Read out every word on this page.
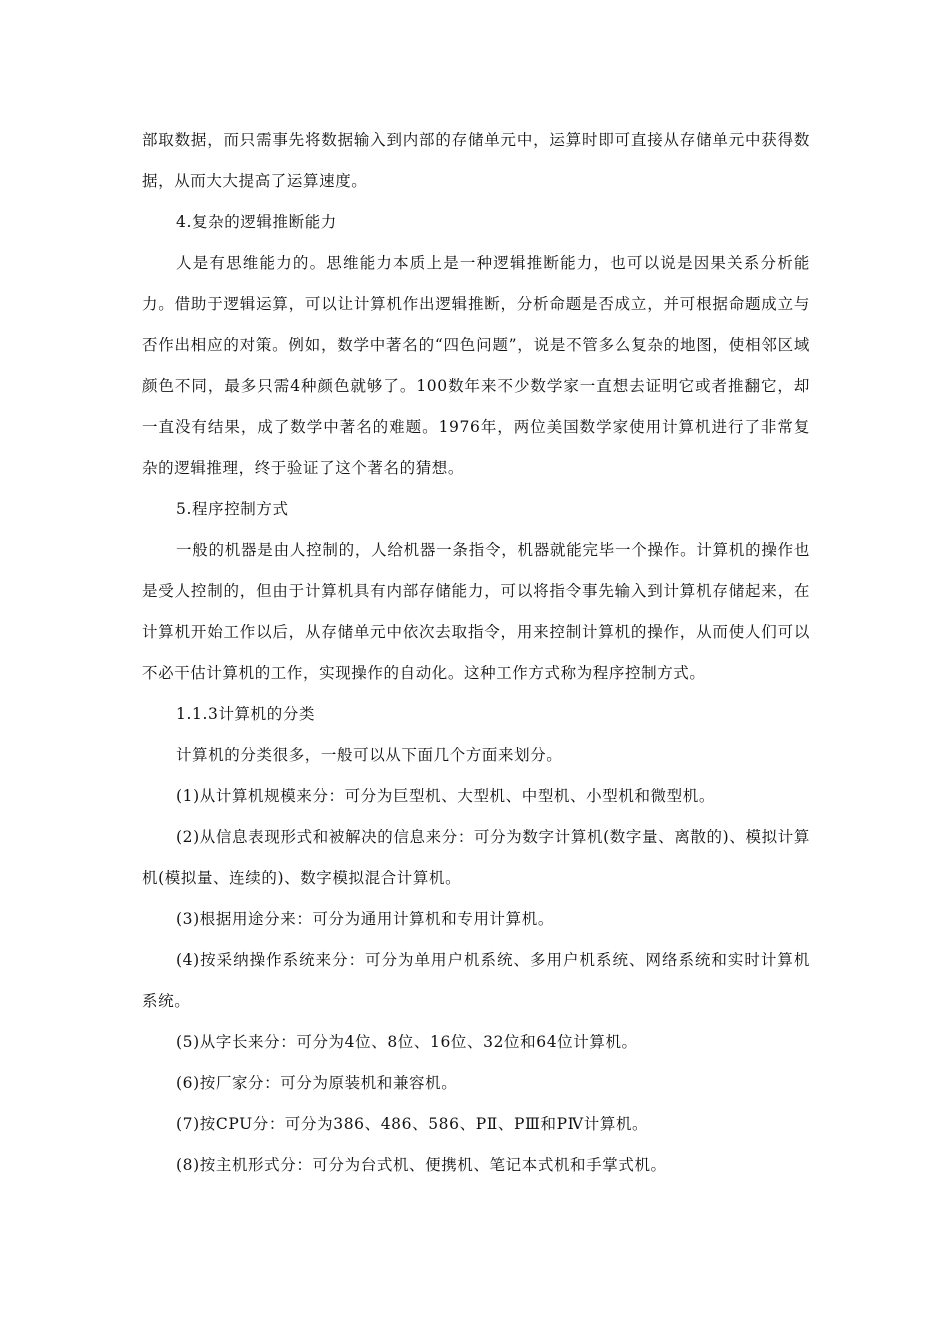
部取数据，而只需事先将数据输入到内部的存储单元中，运算时即可直接从存储单元中获得数据，从而大大提高了运算速度。

4.复杂的逻辑推断能力

人是有思维能力的。思维能力本质上是一种逻辑推断能力，也可以说是因果关系分析能力。借助于逻辑运算，可以让计算机作出逻辑推断，分析命题是否成立，并可根据命题成立与否作出相应的对策。例如，数学中著名的“四色问题”，说是不管多么复杂的地图，使相邻区域颜色不同，最多只需4种颜色就够了。100数年来不少数学家一直想去证明它或者推翻它，却一直没有结果，成了数学中著名的难题。1976年，两位美国数学家使用计算机进行了非常复杂的逻辑推理，终于验证了这个著名的猜想。

5.程序控制方式

一般的机器是由人控制的，人给机器一条指令，机器就能完毕一个操作。计算机的操作也是受人控制的，但由于计算机具有内部存储能力，可以将指令事先输入到计算机存储起来，在计算机开始工作以后，从存储单元中依次去取指令，用来控制计算机的操作，从而使人们可以不必干估计算机的工作，实现操作的自动化。这种工作方式称为程序控制方式。

1.1.3计算机的分类

计算机的分类很多，一般可以从下面几个方面来划分。

(1)从计算机规模来分：可分为巨型机、大型机、中型机、小型机和微型机。

(2)从信息表现形式和被解决的信息来分：可分为数字计算机(数字量、离散的)、模拟计算机(模拟量、连续的)、数字模拟混合计算机。

(3)根据用途分来：可分为通用计算机和专用计算机。

(4)按采纳操作系统来分：可分为单用户机系统、多用户机系统、网络系统和实时计算机系统。

(5)从字长来分：可分为4位、8位、16位、32位和64位计算机。

(6)按厂家分：可分为原装机和兼容机。

(7)按CPU分：可分为386、486、586、PⅡ、PⅢ和PⅣ计算机。

(8)按主机形式分：可分为台式机、便携机、笔记本式机和手掌式机。
